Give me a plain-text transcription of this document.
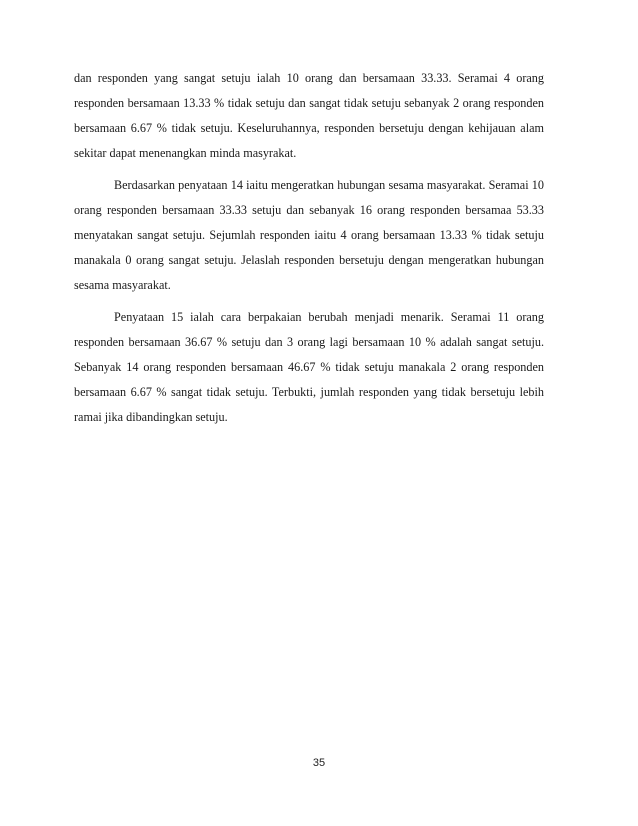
dan responden yang sangat setuju ialah 10 orang dan bersamaan 33.33. Seramai 4 orang responden bersamaan 13.33 % tidak setuju dan sangat tidak setuju sebanyak 2 orang responden bersamaan 6.67 % tidak setuju. Keseluruhannya, responden bersetuju dengan kehijauan alam sekitar dapat menenangkan minda masyrakat.

Berdasarkan penyataan 14 iaitu mengeratkan hubungan sesama masyarakat. Seramai 10 orang responden bersamaan 33.33 setuju dan sebanyak 16 orang responden bersamaa 53.33 menyatakan sangat setuju. Sejumlah responden iaitu 4 orang bersamaan 13.33 % tidak setuju manakala 0 orang sangat setuju. Jelaslah responden bersetuju dengan mengeratkan hubungan sesama masyarakat.

Penyataan 15 ialah cara berpakaian berubah menjadi menarik. Seramai 11 orang responden bersamaan 36.67 % setuju dan 3 orang lagi bersamaan 10 % adalah sangat setuju. Sebanyak 14 orang responden bersamaan 46.67 % tidak setuju manakala 2 orang responden bersamaan 6.67 % sangat tidak setuju. Terbukti, jumlah responden yang tidak bersetuju lebih ramai jika dibandingkan setuju.

35
